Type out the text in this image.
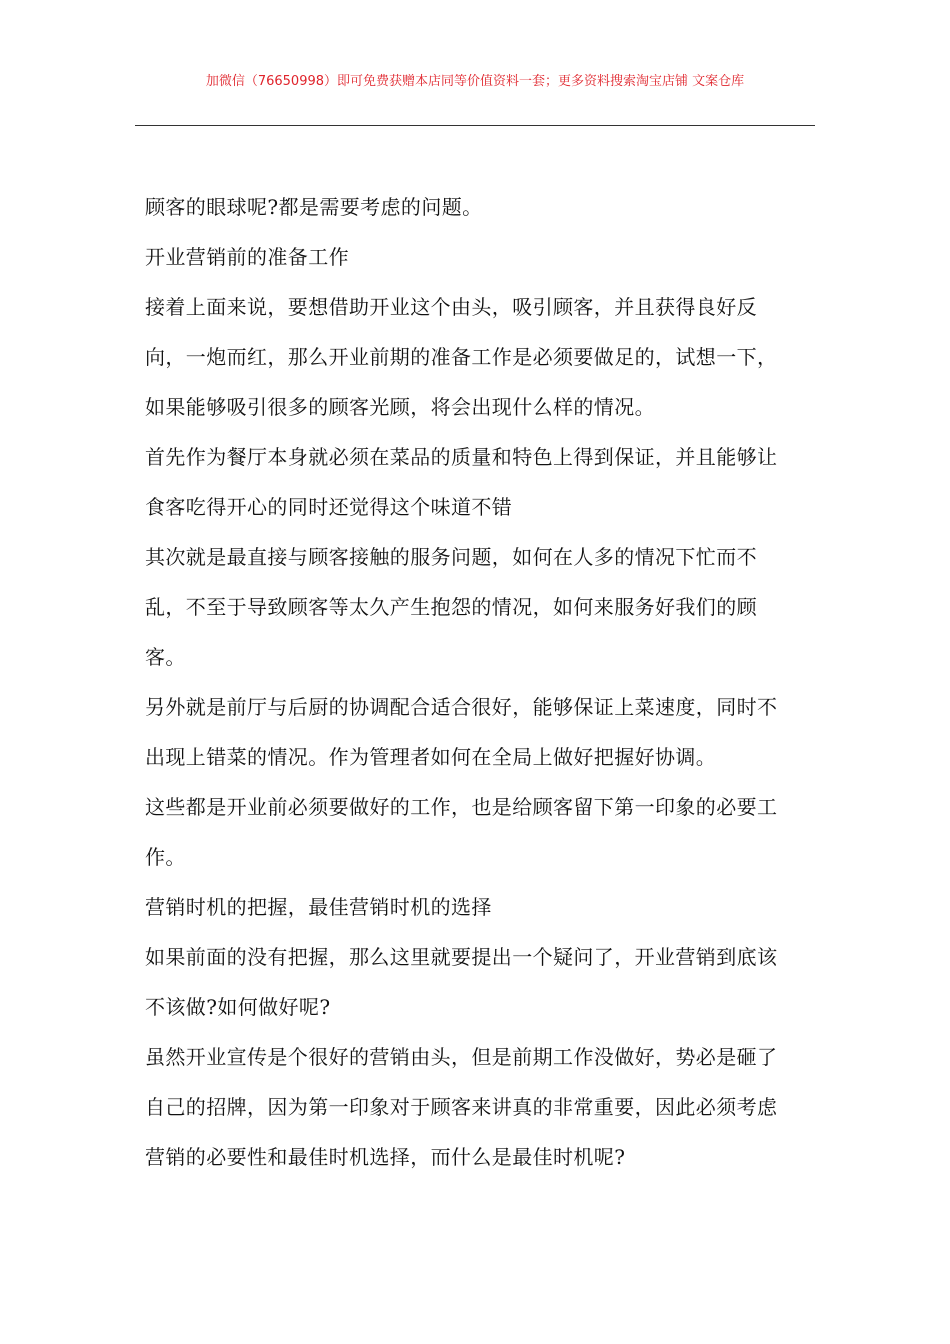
加微信（76650998）即可免费获赠本店同等价值资料一套；更多资料搜索淘宝店铺 文案仓库

顾客的眼球呢?都是需要考虑的问题。

开业营销前的准备工作

接着上面来说，要想借助开业这个由头，吸引顾客，并且获得良好反向，一炮而红，那么开业前期的准备工作是必须要做足的，试想一下，如果能够吸引很多的顾客光顾，将会出现什么样的情况。

首先作为餐厅本身就必须在菜品的质量和特色上得到保证，并且能够让食客吃得开心的同时还觉得这个味道不错

其次就是最直接与顾客接触的服务问题，如何在人多的情况下忙而不乱，不至于导致顾客等太久产生抱怨的情况，如何来服务好我们的顾客。

另外就是前厅与后厨的协调配合适合很好，能够保证上菜速度，同时不出现上错菜的情况。作为管理者如何在全局上做好把握好协调。

这些都是开业前必须要做好的工作，也是给顾客留下第一印象的必要工作。

营销时机的把握，最佳营销时机的选择

如果前面的没有把握，那么这里就要提出一个疑问了，开业营销到底该不该做?如何做好呢?

虽然开业宣传是个很好的营销由头，但是前期工作没做好，势必是砸了自己的招牌，因为第一印象对于顾客来讲真的非常重要，因此必须考虑营销的必要性和最佳时机选择，而什么是最佳时机呢?
